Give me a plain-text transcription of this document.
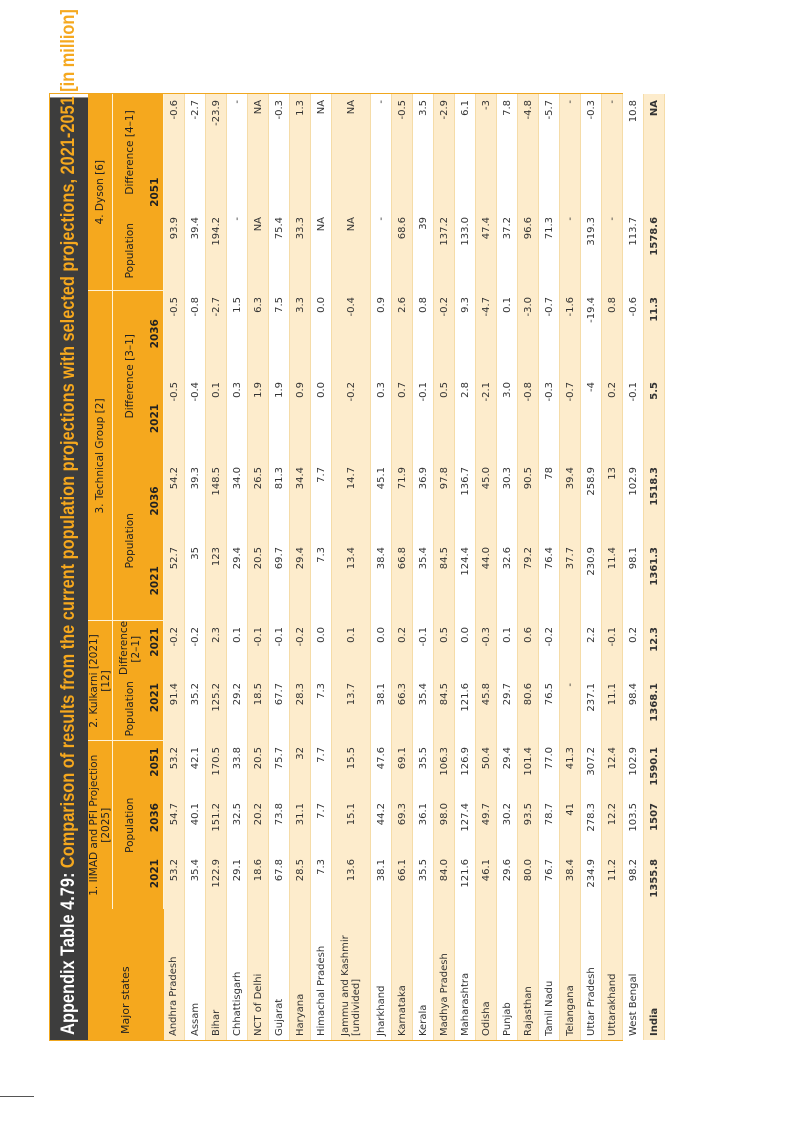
Appendix Table 4.79: Comparison of results from the current population projections with selected projections, 2021-2051 [in million]
Major states	1. IIMAD and PFI Projection [2025]			2. Kulkarni [2021] [12]		3. Technical Group [2]				4. Dyson [6]	
	Population			Population	Difference [2–1]	Population		Difference [3–1]		Population	Difference [4–1]
	2021	2036	2051	2021	2021	2021	2036	2021	2036	2051	
Andhra Pradesh	53.2	54.7	53.2	91.4	-0.2	52.7	54.2	-0.5	-0.5	93.9	-0.6
Assam	35.4	40.1	42.1	35.2	-0.2	35	39.3	-0.4	-0.8	39.4	-2.7
Bihar	122.9	151.2	170.5	125.2	2.3	123	148.5	0.1	-2.7	194.2	-23.9
Chhattisgarh	29.1	32.5	33.8	29.2	0.1	29.4	34.0	0.3	1.5	-	-
NCT of Delhi	18.6	20.2	20.5	18.5	-0.1	20.5	26.5	1.9	6.3	NA	NA
Gujarat	67.8	73.8	75.7	67.7	-0.1	69.7	81.3	1.9	7.5	75.4	-0.3
Haryana	28.5	31.1	32	28.3	-0.2	29.4	34.4	0.9	3.3	33.3	1.3
Himachal Pradesh	7.3	7.7	7.7	7.3	0.0	7.3	7.7	0.0	0.0	NA	NA
Jammu and Kashmir [undivided]	13.6	15.1	15.5	13.7	0.1	13.4	14.7	-0.2	-0.4	NA	NA
Jharkhand	38.1	44.2	47.6	38.1	0.0	38.4	45.1	0.3	0.9	-	-
Karnataka	66.1	69.3	69.1	66.3	0.2	66.8	71.9	0.7	2.6	68.6	-0.5
Kerala	35.5	36.1	35.5	35.4	-0.1	35.4	36.9	-0.1	0.8	39	3.5
Madhya Pradesh	84.0	98.0	106.3	84.5	0.5	84.5	97.8	0.5	-0.2	137.2	-2.9
Maharashtra	121.6	127.4	126.9	121.6	0.0	124.4	136.7	2.8	9.3	133.0	6.1
Odisha	46.1	49.7	50.4	45.8	-0.3	44.0	45.0	-2.1	-4.7	47.4	-3
Punjab	29.6	30.2	29.4	29.7	0.1	32.6	30.3	3.0	0.1	37.2	7.8
Rajasthan	80.0	93.5	101.4	80.6	0.6	79.2	90.5	-0.8	-3.0	96.6	-4.8
Tamil Nadu	76.7	78.7	77.0	76.5	-0.2	76.4	78	-0.3	-0.7	71.3	-5.7
Telangana	38.4	41	41.3	-		37.7	39.4	-0.7	-1.6	-	-
Uttar Pradesh	234.9	278.3	307.2	237.1	2.2	230.9	258.9	-4	-19.4	319.3	-0.3
Uttarakhand	11.2	12.2	12.4	11.1	-0.1	11.4	13	0.2	0.8	-	-
West Bengal	98.2	103.5	102.9	98.4	0.2	98.1	102.9	-0.1	-0.6	113.7	10.8
India	1355.8	1507	1590.1	1368.1	12.3	1361.3	1518.3	5.5	11.3	1578.6	NA
